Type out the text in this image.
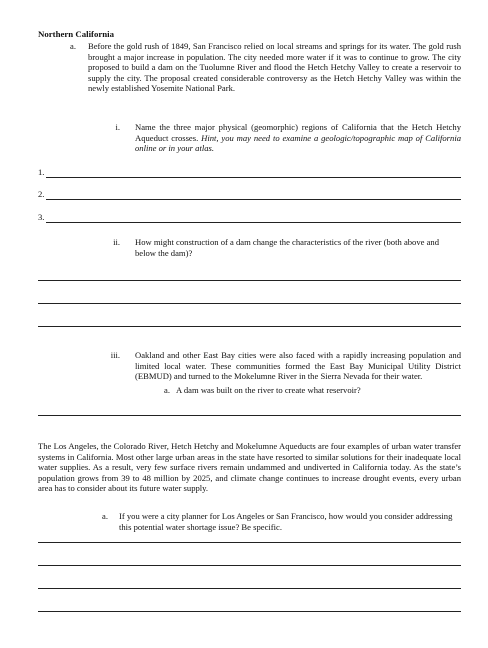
Northern California
a. Before the gold rush of 1849, San Francisco relied on local streams and springs for its water. The gold rush brought a major increase in population. The city needed more water if it was to continue to grow. The city proposed to build a dam on the Tuolumne River and flood the Hetch Hetchy Valley to create a reservoir to supply the city. The proposal created considerable controversy as the Hetch Hetchy Valley was within the newly established Yosemite National Park.
i. Name the three major physical (geomorphic) regions of California that the Hetch Hetchy Aqueduct crosses. Hint, you may need to examine a geologic/topographic map of California online or in your atlas.
1.
2.
3.
ii. How might construction of a dam change the characteristics of the river (both above and below the dam)?
iii. Oakland and other East Bay cities were also faced with a rapidly increasing population and limited local water. These communities formed the East Bay Municipal Utility District (EBMUD) and turned to the Mokelumne River in the Sierra Nevada for their water.
a. A dam was built on the river to create what reservoir?
The Los Angeles, the Colorado River, Hetch Hetchy and Mokelumne Aqueducts are four examples of urban water transfer systems in California. Most other large urban areas in the state have resorted to similar solutions for their inadequate local water supplies. As a result, very few surface rivers remain undammed and undiverted in California today. As the state’s population grows from 39 to 48 million by 2025, and climate change continues to increase drought events, every urban area has to consider about its future water supply.
a. If you were a city planner for Los Angeles or San Francisco, how would you consider addressing this potential water shortage issue? Be specific.
